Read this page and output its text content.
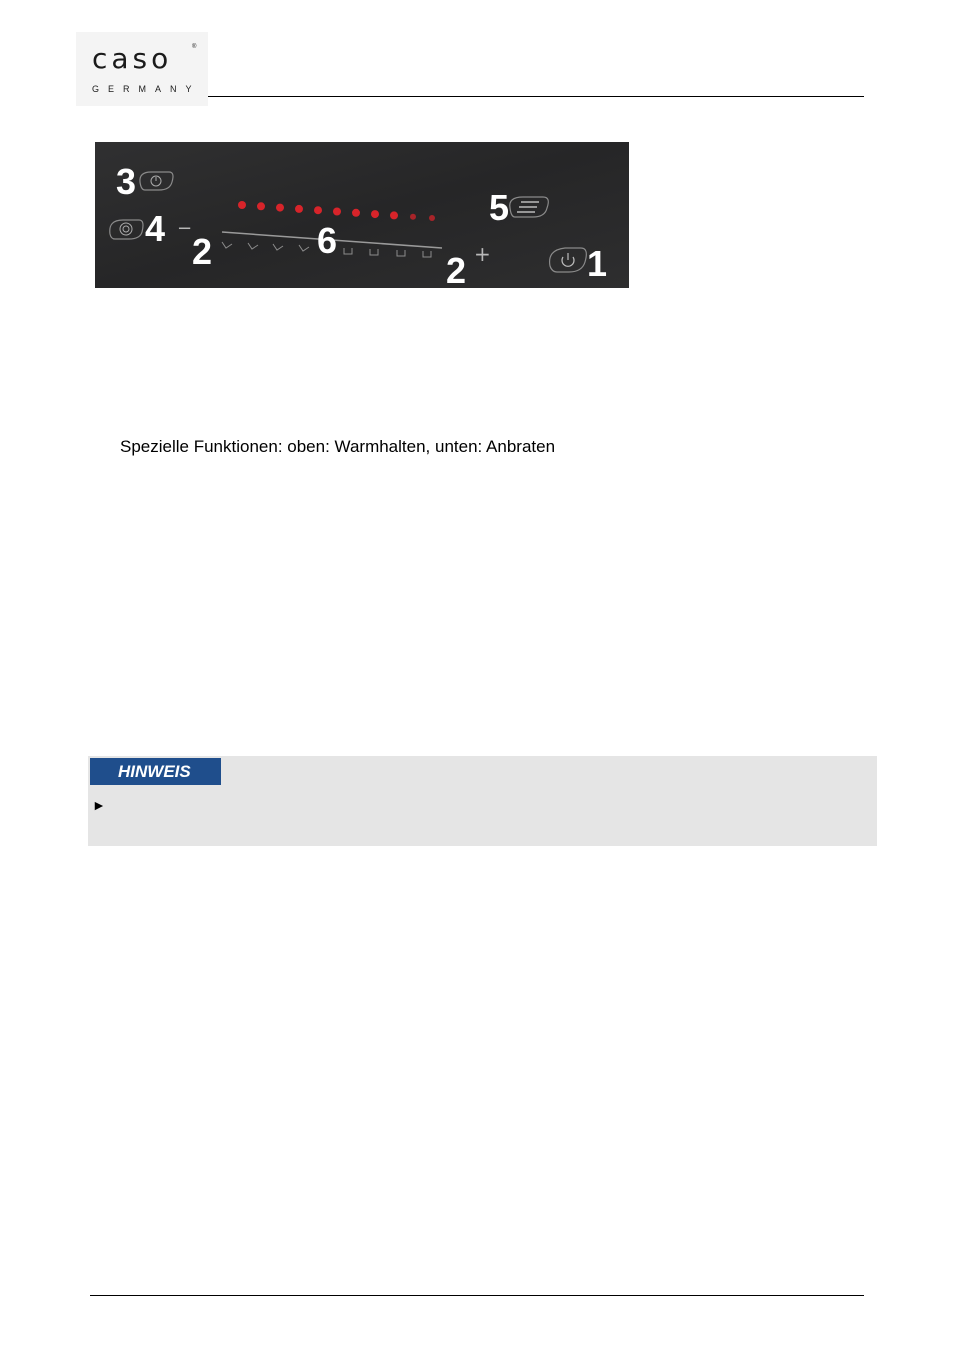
caso	®
GERMANY
3
4
2	6
2
5
1
−
+
Spezielle Funktionen: oben: Warmhalten, unten: Anbraten
HINWEIS
►
